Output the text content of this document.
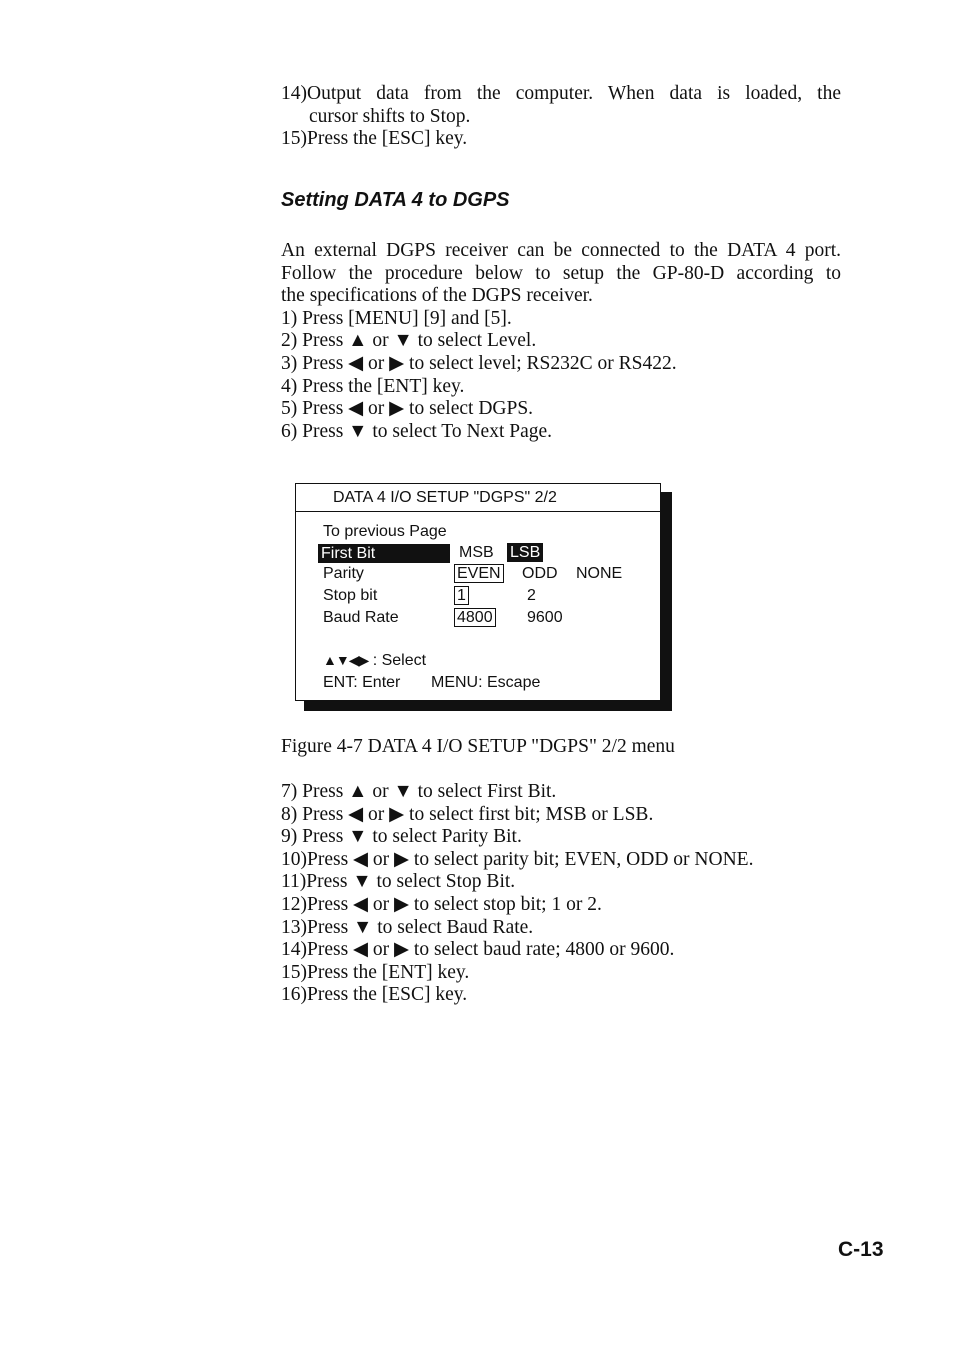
14)Output data from the computer. When data is loaded, the
cursor shifts to Stop.
15)Press the [ESC] key.
Setting DATA 4 to DGPS
An external DGPS receiver can be connected to the DATA 4 port.
Follow the procedure below to setup the GP-80-D according to
the specifications of the DGPS receiver.
1) Press [MENU] [9] and [5].
2) Press ▲ or ▼ to select Level.
3) Press ◀ or ▶ to select level; RS232C or RS422.
4) Press the [ENT] key.
5) Press ◀ or ▶ to select DGPS.
6) Press ▼ to select To Next Page.
DATA 4 I/O SETUP "DGPS" 2/2
To previous Page
First Bit	MSB LSB
Parity	EVEN ODD NONE
Stop bit	1	2
Baud Rate	4800 9600
▲▼◀▶ : Select
ENT: Enter MENU: Escape
Figure 4-7 DATA 4 I/O SETUP "DGPS" 2/2 menu
7) Press ▲ or ▼ to select First Bit.
8) Press ◀ or ▶ to select first bit; MSB or LSB.
9) Press ▼ to select Parity Bit.
10)Press ◀ or ▶ to select parity bit; EVEN, ODD or NONE.
11)Press ▼ to select Stop Bit.
12)Press ◀ or ▶ to select stop bit; 1 or 2.
13)Press ▼ to select Baud Rate.
14)Press ◀ or ▶ to select baud rate; 4800 or 9600.
15)Press the [ENT] key.
16)Press the [ESC] key.
C-13
